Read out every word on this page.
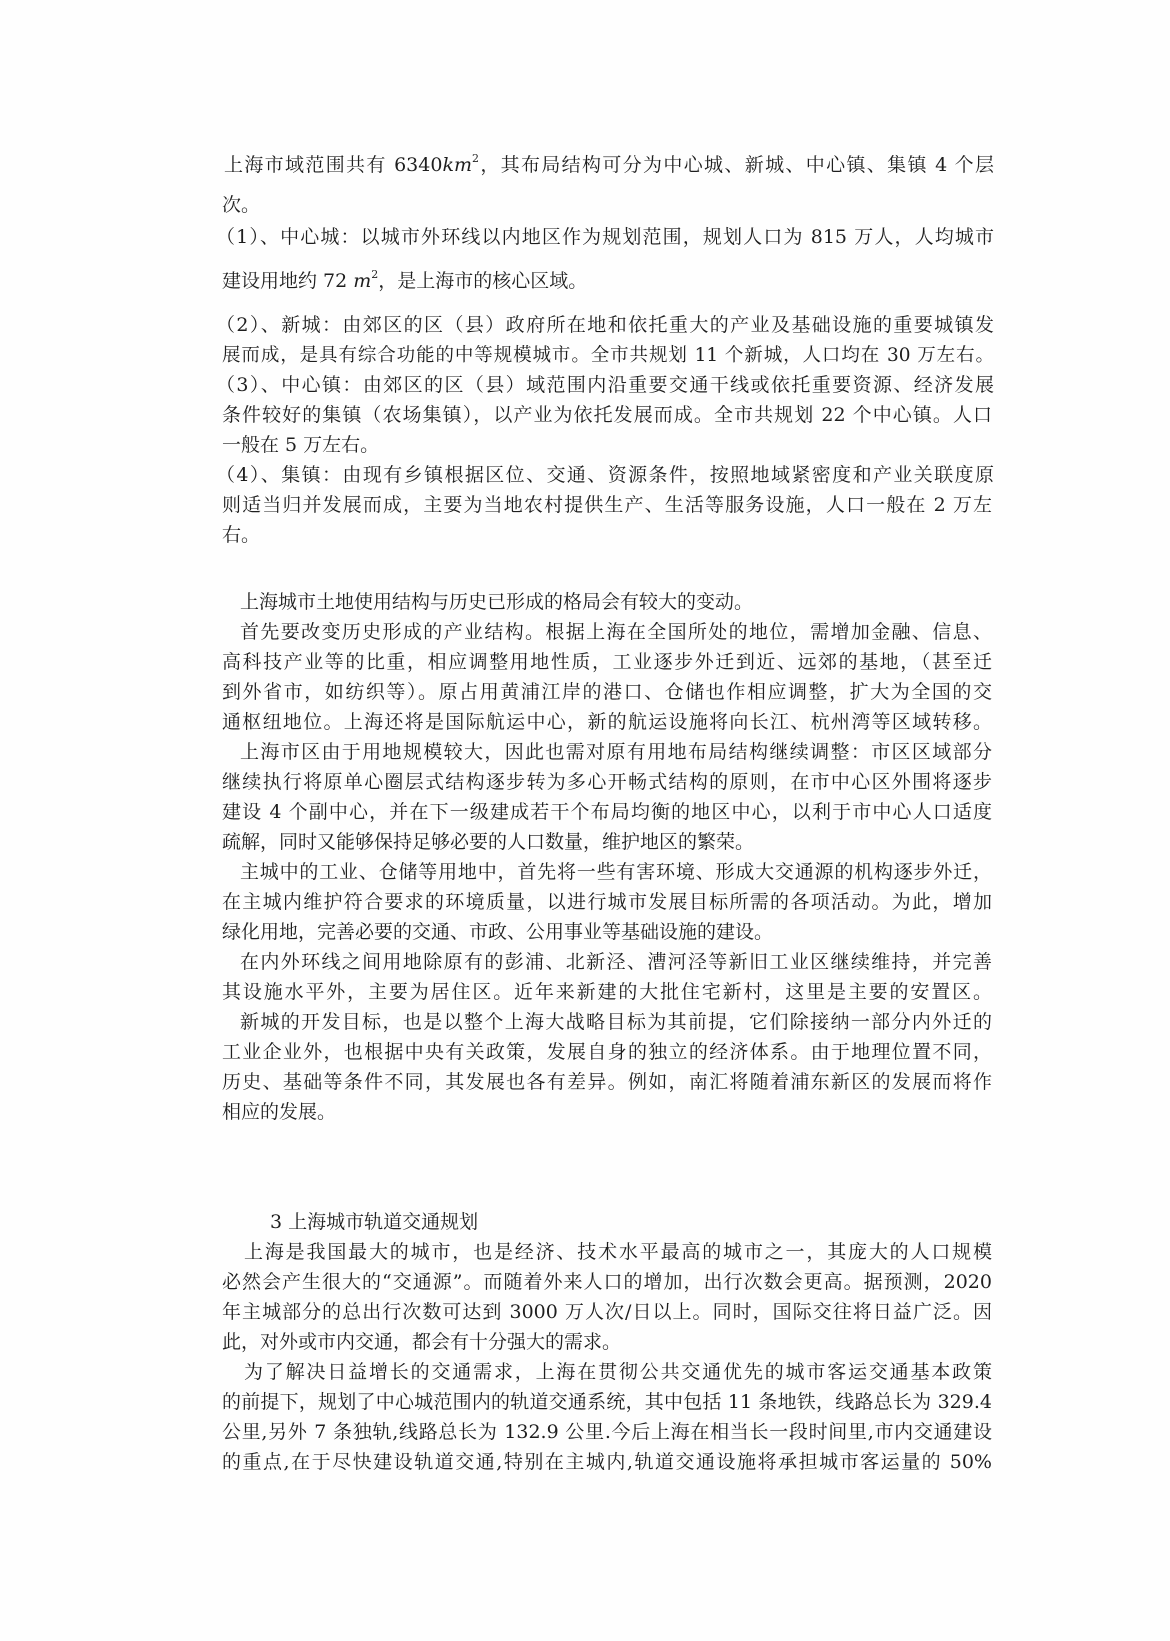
上海市域范围共有 $6340km^2$，其布局结构可分为中心城、新城、中心镇、集镇 4 个层
次。
（1）、中心城：以城市外环线以内地区作为规划范围，规划人口为 815 万人，人均城市
建设用地约 72 $m^2$，是上海市的核心区域。
（2）、新城：由郊区的区（县）政府所在地和依托重大的产业及基础设施的重要城镇发
展而成，是具有综合功能的中等规模城市。全市共规划 11 个新城，人口均在 30 万左右。
（3）、中心镇：由郊区的区（县）域范围内沿重要交通干线或依托重要资源、经济发展
条件较好的集镇（农场集镇），以产业为依托发展而成。全市共规划 22 个中心镇。人口
一般在 5 万左右。
（4）、集镇：由现有乡镇根据区位、交通、资源条件，按照地域紧密度和产业关联度原
则适当归并发展而成，主要为当地农村提供生产、生活等服务设施，人口一般在 2 万左
右。
上海城市土地使用结构与历史已形成的格局会有较大的变动。
首先要改变历史形成的产业结构。根据上海在全国所处的地位，需增加金融、信息、
高科技产业等的比重，相应调整用地性质，工业逐步外迁到近、远郊的基地，（甚至迁
到外省市，如纺织等）。原占用黄浦江岸的港口、仓储也作相应调整，扩大为全国的交
通枢纽地位。上海还将是国际航运中心，新的航运设施将向长江、杭州湾等区域转移。
上海市区由于用地规模较大，因此也需对原有用地布局结构继续调整：市区区域部分
继续执行将原单心圈层式结构逐步转为多心开畅式结构的原则，在市中心区外围将逐步
建设 4 个副中心，并在下一级建成若干个布局均衡的地区中心，以利于市中心人口适度
疏解，同时又能够保持足够必要的人口数量，维护地区的繁荣。
主城中的工业、仓储等用地中，首先将一些有害环境、形成大交通源的机构逐步外迁，
在主城内维护符合要求的环境质量，以进行城市发展目标所需的各项活动。为此，增加
绿化用地，完善必要的交通、市政、公用事业等基础设施的建设。
在内外环线之间用地除原有的彭浦、北新泾、漕河泾等新旧工业区继续维持，并完善
其设施水平外，主要为居住区。近年来新建的大批住宅新村，这里是主要的安置区。
新城的开发目标，也是以整个上海大战略目标为其前提，它们除接纳一部分内外迁的
工业企业外，也根据中央有关政策，发展自身的独立的经济体系。由于地理位置不同，
历史、基础等条件不同，其发展也各有差异。例如，南汇将随着浦东新区的发展而将作
相应的发展。
3 上海城市轨道交通规划
上海是我国最大的城市，也是经济、技术水平最高的城市之一，其庞大的人口规模
必然会产生很大的“交通源”。而随着外来人口的增加，出行次数会更高。据预测，2020
年主城部分的总出行次数可达到 3000 万人次/日以上。同时，国际交往将日益广泛。因
此，对外或市内交通，都会有十分强大的需求。
为了解决日益增长的交通需求，上海在贯彻公共交通优先的城市客运交通基本政策
的前提下，规划了中心城范围内的轨道交通系统，其中包括 11 条地铁，线路总长为 329.4
公里,另外 7 条独轨,线路总长为 132.9 公里.今后上海在相当长一段时间里,市内交通建设
的重点,在于尽快建设轨道交通,特别在主城内,轨道交通设施将承担城市客运量的 50%
